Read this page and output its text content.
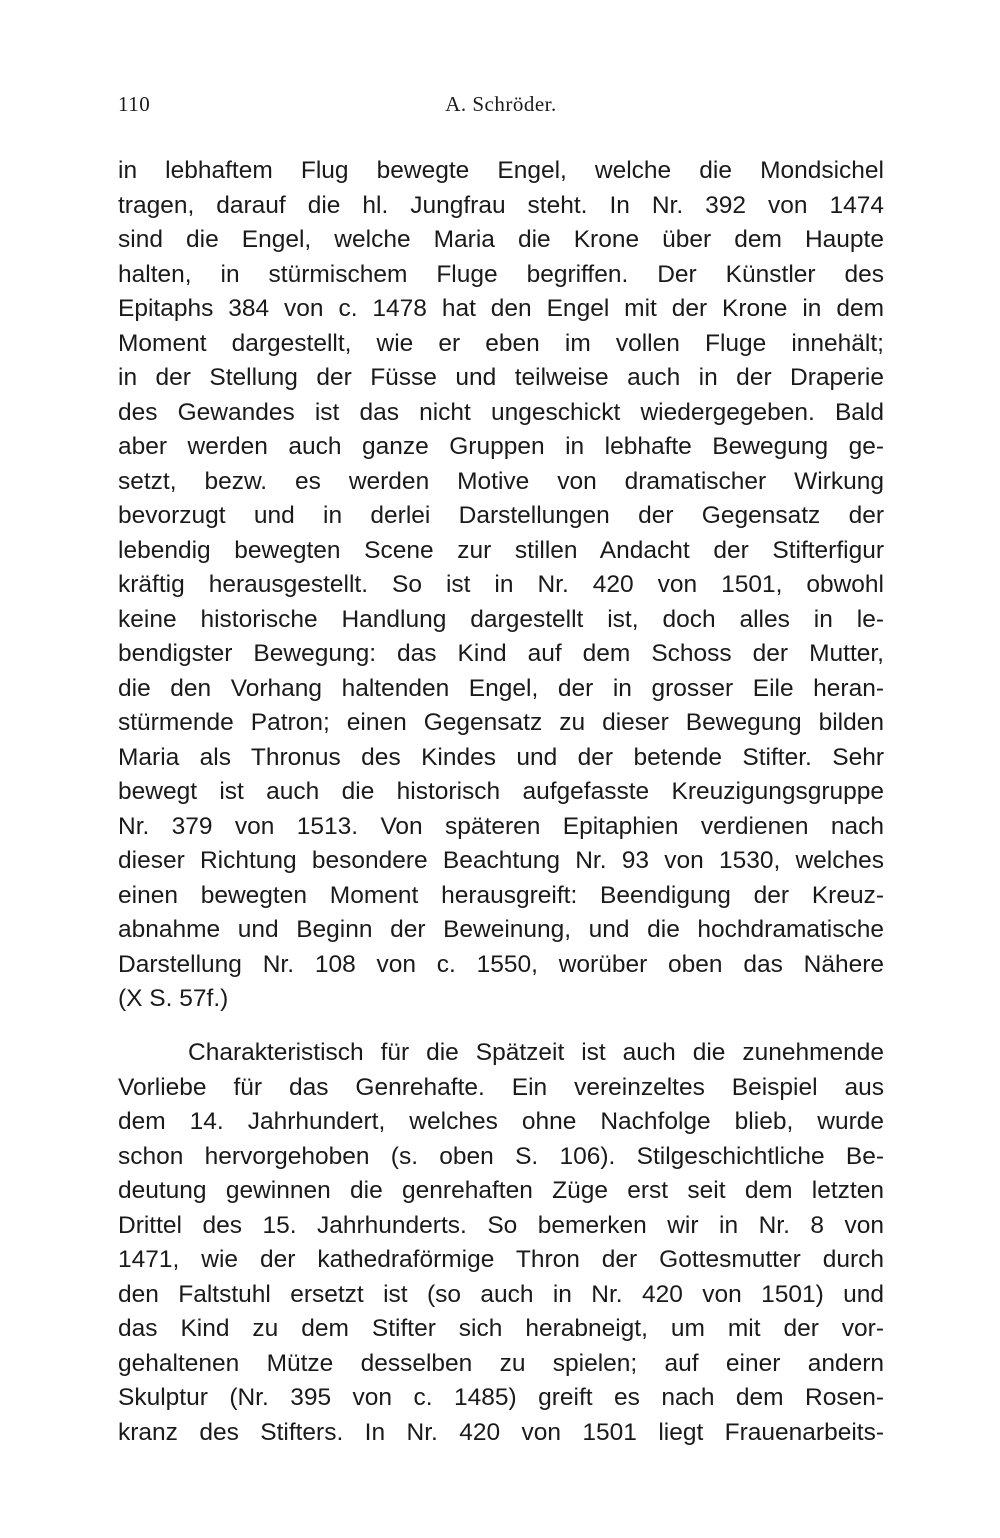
110	A. Schröder.
in lebhaftem Flug bewegte Engel, welche die Mondsichel
tragen, darauf die hl. Jungfrau steht. In Nr. 392 von 1474
sind die Engel, welche Maria die Krone über dem Haupte
halten, in stürmischem Fluge begriffen. Der Künstler des
Epitaphs 384 von c. 1478 hat den Engel mit der Krone in dem
Moment dargestellt, wie er eben im vollen Fluge innehält;
in der Stellung der Füsse und teilweise auch in der Draperie
des Gewandes ist das nicht ungeschickt wiedergegeben. Bald
aber werden auch ganze Gruppen in lebhafte Bewegung ge-
setzt, bezw. es werden Motive von dramatischer Wirkung
bevorzugt und in derlei Darstellungen der Gegensatz der
lebendig bewegten Scene zur stillen Andacht der Stifterfigur
kräftig herausgestellt. So ist in Nr. 420 von 1501, obwohl
keine historische Handlung dargestellt ist, doch alles in le-
bendigster Bewegung: das Kind auf dem Schoss der Mutter,
die den Vorhang haltenden Engel, der in grosser Eile heran-
stürmende Patron; einen Gegensatz zu dieser Bewegung bilden
Maria als Thronus des Kindes und der betende Stifter. Sehr
bewegt ist auch die historisch aufgefasste Kreuzigungsgruppe
Nr. 379 von 1513. Von späteren Epitaphien verdienen nach
dieser Richtung besondere Beachtung Nr. 93 von 1530, welches
einen bewegten Moment herausgreift: Beendigung der Kreuz-
abnahme und Beginn der Beweinung, und die hochdramatische
Darstellung Nr. 108 von c. 1550, worüber oben das Nähere
(X S. 57f.)
Charakteristisch für die Spätzeit ist auch die zunehmende
Vorliebe für das Genrehafte. Ein vereinzeltes Beispiel aus
dem 14. Jahrhundert, welches ohne Nachfolge blieb, wurde
schon hervorgehoben (s. oben S. 106). Stilgeschichtliche Be-
deutung gewinnen die genrehaften Züge erst seit dem letzten
Drittel des 15. Jahrhunderts. So bemerken wir in Nr. 8 von
1471, wie der kathedraförmige Thron der Gottesmutter durch
den Faltstuhl ersetzt ist (so auch in Nr. 420 von 1501) und
das Kind zu dem Stifter sich herabneigt, um mit der vor-
gehaltenen Mütze desselben zu spielen; auf einer andern
Skulptur (Nr. 395 von c. 1485) greift es nach dem Rosen-
kranz des Stifters. In Nr. 420 von 1501 liegt Frauenarbeits-
